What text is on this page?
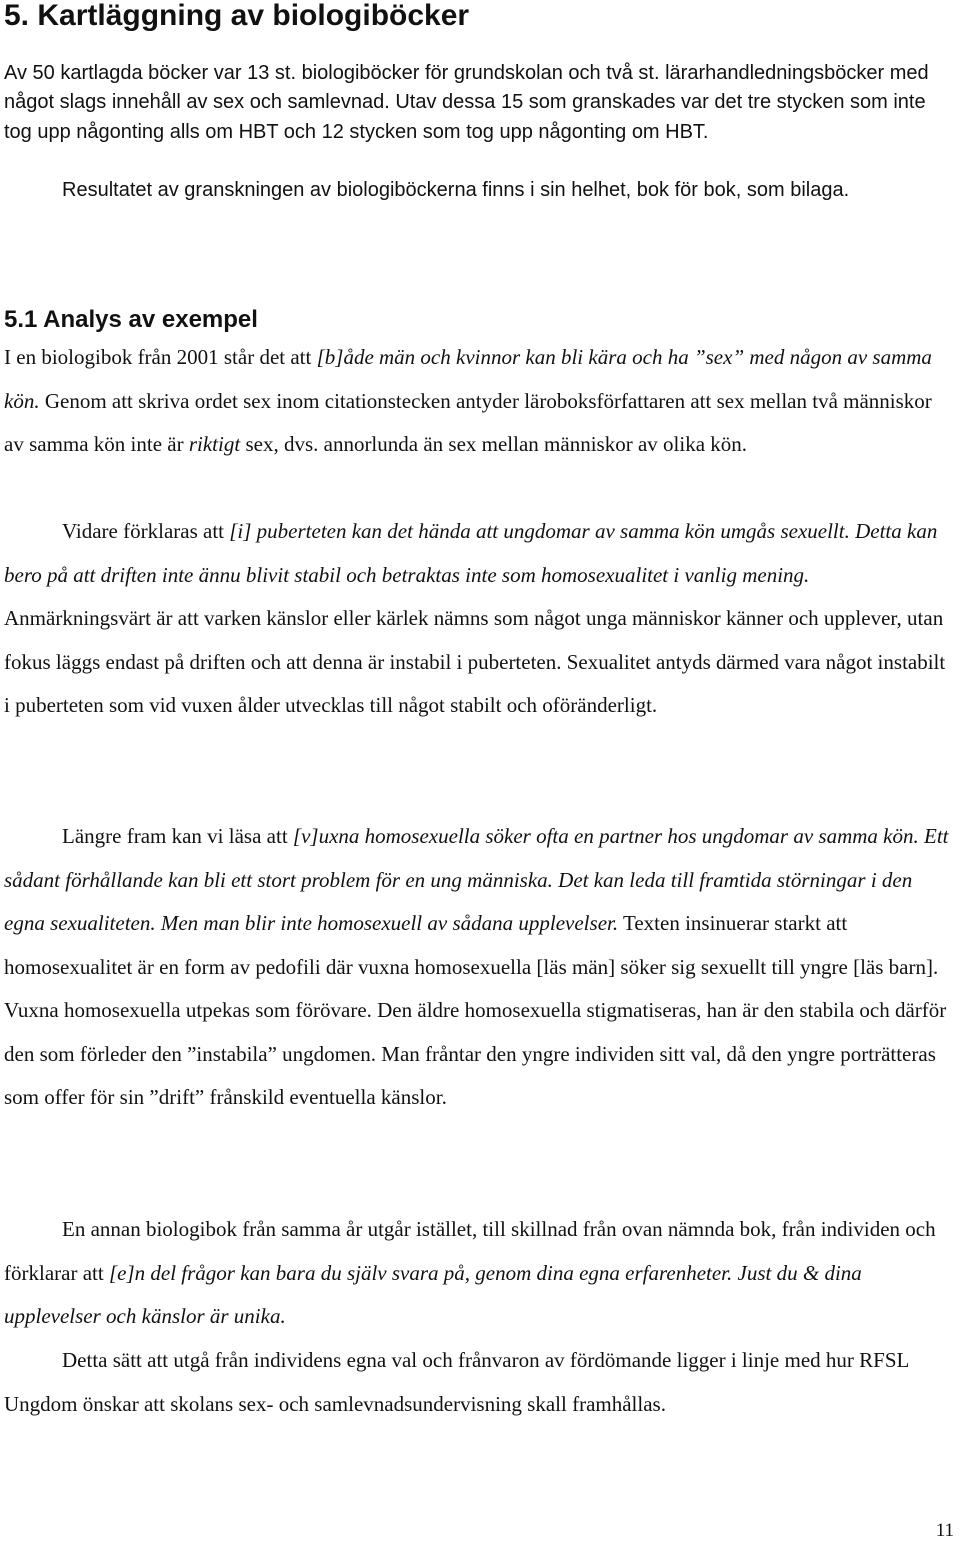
5. Kartläggning av biologiböcker

Av 50 kartlagda böcker var 13 st. biologiböcker för grundskolan och två st. lärarhandledningsböcker med något slags innehåll av sex och samlevnad. Utav dessa 15 som granskades var det tre stycken som inte tog upp någonting alls om HBT och 12 stycken som tog upp någonting om HBT.

Resultatet av granskningen av biologiböckerna finns i sin helhet, bok för bok, som bilaga.

5.1 Analys av exempel

I en biologibok från 2001 står det att [b]åde män och kvinnor kan bli kära och ha ”sex” med någon av samma kön. Genom att skriva ordet sex inom citationstecken antyder läroboksförfattaren att sex mellan två människor av samma kön inte är riktigt sex, dvs. annorlunda än sex mellan människor av olika kön.

Vidare förklaras att [i] puberteten kan det hända att ungdomar av samma kön umgås sexuellt. Detta kan bero på att driften inte ännu blivit stabil och betraktas inte som homosexualitet i vanlig mening. Anmärkningsvärt är att varken känslor eller kärlek nämns som något unga människor känner och upplever, utan fokus läggs endast på driften och att denna är instabil i puberteten. Sexualitet antyds därmed vara något instabilt i puberteten som vid vuxen ålder utvecklas till något stabilt och oföränderligt.

Längre fram kan vi läsa att [v]uxna homosexuella söker ofta en partner hos ungdomar av samma kön. Ett sådant förhållande kan bli ett stort problem för en ung människa. Det kan leda till framtida störningar i den egna sexualiteten. Men man blir inte homosexuell av sådana upplevelser. Texten insinuerar starkt att homosexualitet är en form av pedofili där vuxna homosexuella [läs män] söker sig sexuellt till yngre [läs barn]. Vuxna homosexuella utpekas som förövare. Den äldre homosexuella stigmatiseras, han är den stabila och därför den som förleder den ”instabila” ungdomen. Man fråntar den yngre individen sitt val, då den yngre porträtteras som offer för sin ”drift” frånskild eventuella känslor.

En annan biologibok från samma år utgår istället, till skillnad från ovan nämnda bok, från individen och förklarar att [e]n del frågor kan bara du själv svara på, genom dina egna erfarenheter. Just du & dina upplevelser och känslor är unika.

Detta sätt att utgå från individens egna val och frånvaron av fördömande ligger i linje med hur RFSL Ungdom önskar att skolans sex- och samlevnadsundervisning skall framhållas.

11
